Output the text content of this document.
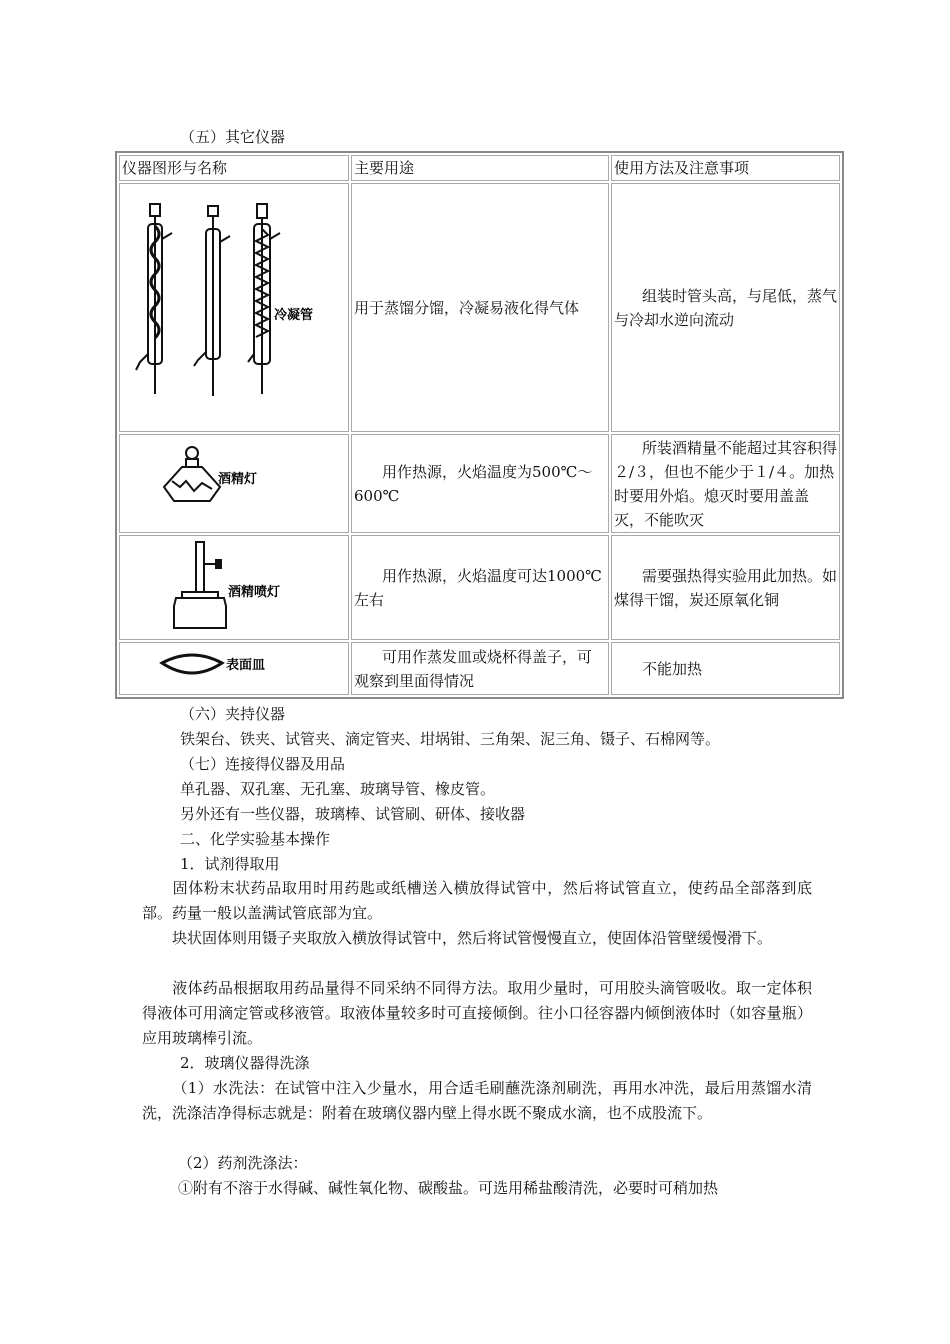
（五）其它仪器
仪器图形与名称	主要用途	使用方法及注意事项

冷凝管	用于蒸馏分馏，冷凝易液化得气体	组装时管头高，与尾低，蒸气与冷却水逆向流动

酒精灯	用作热源，火焰温度为500℃～600℃	所装酒精量不能超过其容积得２/３，但也不能少于１/４。加热时要用外焰。熄灭时要用盖盖灭，不能吹灭

酒精喷灯	用作热源，火焰温度可达1000℃左右	需要强热得实验用此加热。如煤得干馏，炭还原氧化铜

表面皿	可用作蒸发皿或烧杯得盖子，可观察到里面得情况	不能加热
（六）夹持仪器
铁架台、铁夹、试管夹、滴定管夹、坩埚钳、三角架、泥三角、镊子、石棉网等。
（七）连接得仪器及用品
单孔器、双孔塞、无孔塞、玻璃导管、橡皮管。
另外还有一些仪器，玻璃棒、试管刷、研体、接收器
二、化学实验基本操作
1．试剂得取用
固体粉末状药品取用时用药匙或纸槽送入横放得试管中，然后将试管直立，使药品全部落到底部。药量一般以盖满试管底部为宜。
块状固体则用镊子夹取放入横放得试管中，然后将试管慢慢直立，使固体沿管壁缓慢滑下。
液体药品根据取用药品量得不同采纳不同得方法。取用少量时，可用胶头滴管吸收。取一定体积得液体可用滴定管或移液管。取液体量较多时可直接倾倒。往小口径容器内倾倒液体时（如容量瓶）应用玻璃棒引流。
2．玻璃仪器得洗涤
（1）水洗法：在试管中注入少量水，用合适毛刷蘸洗涤剂刷洗，再用水冲洗，最后用蒸馏水清洗，洗涤洁净得标志就是：附着在玻璃仪器内壁上得水既不聚成水滴，也不成股流下。
（2）药剂洗涤法：
①附有不溶于水得碱、碱性氧化物、碳酸盐。可选用稀盐酸清洗，必要时可稍加热
